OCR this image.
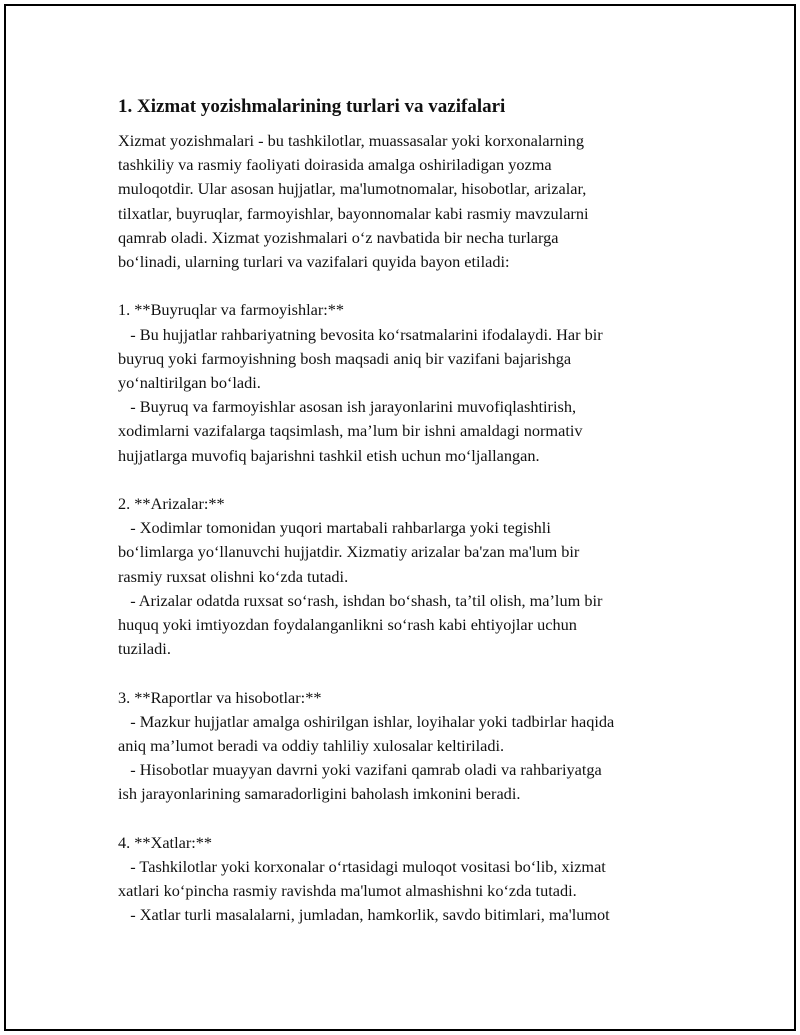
1. Xizmat yozishmalarining turlari va vazifalari
Xizmat yozishmalari - bu tashkilotlar, muassasalar yoki korxonalarning
tashkiliy va rasmiy faoliyati doirasida amalga oshiriladigan yozma
muloqotdir. Ular asosan hujjatlar, ma'lumotnomalar, hisobotlar, arizalar,
tilxatlar, buyruqlar, farmoyishlar, bayonnomalar kabi rasmiy mavzularni
qamrab oladi. Xizmat yozishmalari o‘z navbatida bir necha turlarga
bo‘linadi, ularning turlari va vazifalari quyida bayon etiladi:
1. **Buyruqlar va farmoyishlar:**
- Bu hujjatlar rahbariyatning bevosita ko‘rsatmalarini ifodalaydi. Har bir
buyruq yoki farmoyishning bosh maqsadi aniq bir vazifani bajarishga
yo‘naltirilgan bo‘ladi.
- Buyruq va farmoyishlar asosan ish jarayonlarini muvofiqlashtirish,
xodimlarni vazifalarga taqsimlash, ma’lum bir ishni amaldagi normativ
hujjatlarga muvofiq bajarishni tashkil etish uchun mo‘ljallangan.
2. **Arizalar:**
- Xodimlar tomonidan yuqori martabali rahbarlarga yoki tegishli
bo‘limlarga yo‘llanuvchi hujjatdir. Xizmatiy arizalar ba'zan ma'lum bir
rasmiy ruxsat olishni ko‘zda tutadi.
- Arizalar odatda ruxsat so‘rash, ishdan bo‘shash, ta’til olish, ma’lum bir
huquq yoki imtiyozdan foydalanganlikni so‘rash kabi ehtiyojlar uchun
tuziladi.
3. **Raportlar va hisobotlar:**
- Mazkur hujjatlar amalga oshirilgan ishlar, loyihalar yoki tadbirlar haqida
aniq ma’lumot beradi va oddiy tahliliy xulosalar keltiriladi.
- Hisobotlar muayyan davrni yoki vazifani qamrab oladi va rahbariyatga
ish jarayonlarining samaradorligini baholash imkonini beradi.
4. **Xatlar:**
- Tashkilotlar yoki korxonalar o‘rtasidagi muloqot vositasi bo‘lib, xizmat
xatlari ko‘pincha rasmiy ravishda ma'lumot almashishni ko‘zda tutadi.
- Xatlar turli masalalarni, jumladan, hamkorlik, savdo bitimlari, ma'lumot
